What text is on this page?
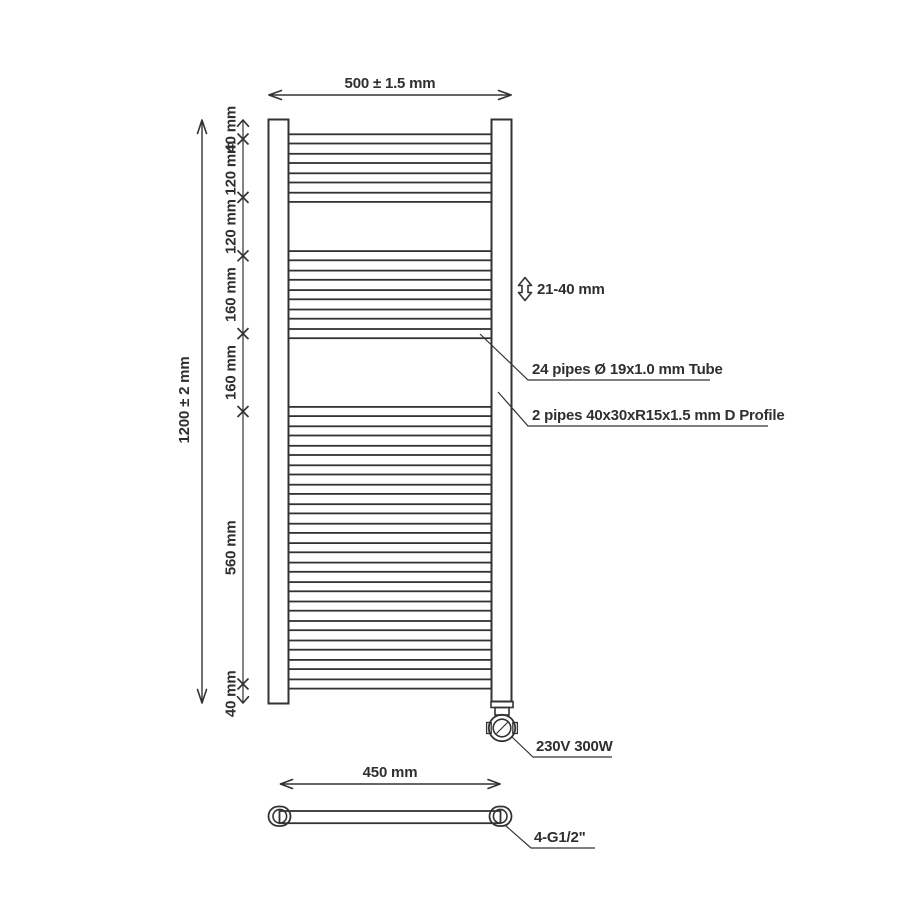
500 ± 1.5 mm
1200 ± 2 mm
40 mm
120 mm
120 mm
160 mm
160 mm
560 mm
40 mm
21-40 mm
24 pipes Ø 19x1.0 mm Tube
2 pipes 40x30xR15x1.5 mm D Profile
230V 300W
450 mm
4-G1/2"
